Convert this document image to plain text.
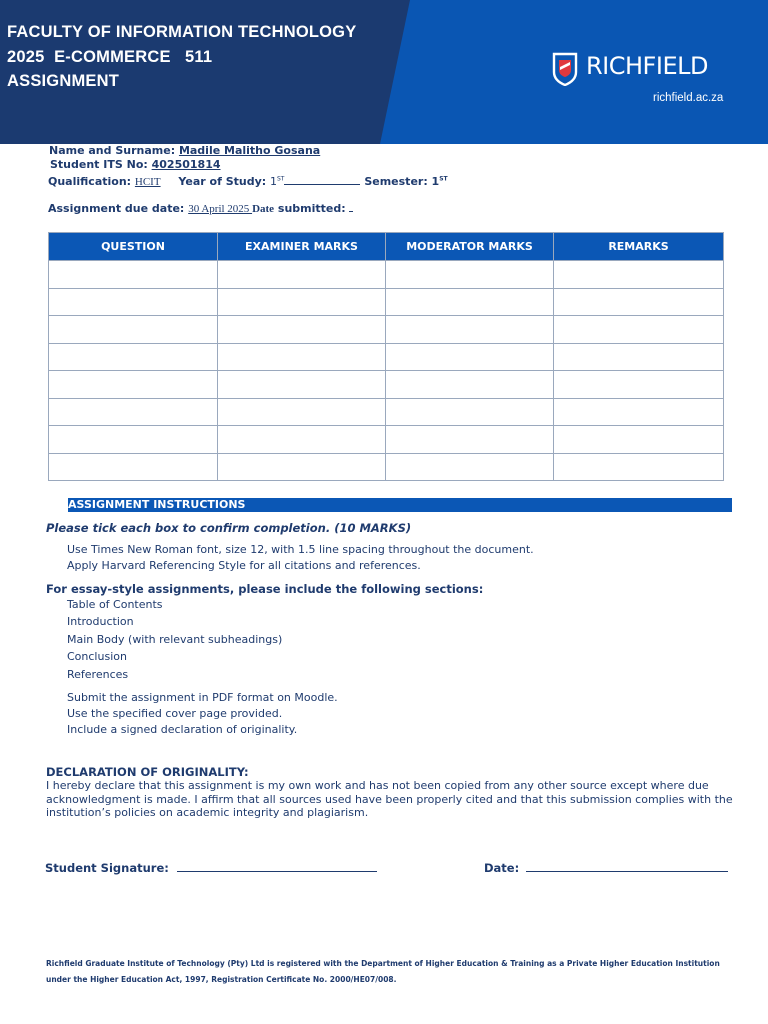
FACULTY OF INFORMATION TECHNOLOGY
2025  E-COMMERCE   511
ASSIGNMENT
RICHFIELD
richfield.ac.za
Name and Surname: Madile Malitho Gosana
Student ITS No: 402501814
Qualification: HCIT Year of Study: 1ST	Semester: 1ST
Assignment due date: 30 April 2025 Date submitted:
QUESTION	EXAMINER MARKS	MODERATOR MARKS	REMARKS

ASSIGNMENT INSTRUCTIONS
Please tick each box to confirm completion. (10 MARKS)
Use Times New Roman font, size 12, with 1.5 line spacing throughout the document.
Apply Harvard Referencing Style for all citations and references.
For essay-style assignments, please include the following sections:
Table of Contents
Introduction
Main Body (with relevant subheadings)
Conclusion
References
Submit the assignment in PDF format on Moodle.
Use the specified cover page provided.
Include a signed declaration of originality.
DECLARATION OF ORIGINALITY:
I hereby declare that this assignment is my own work and has not been copied from any other source except where due acknowledgment is made. I affirm that all sources used have been properly cited and that this submission complies with the institution’s policies on academic integrity and plagiarism.
Student Signature:	Date:
Richfield Graduate Institute of Technology (Pty) Ltd is registered with the Department of Higher Education & Training as a Private Higher Education Institution under the Higher Education Act, 1997, Registration Certificate No. 2000/HE07/008.
